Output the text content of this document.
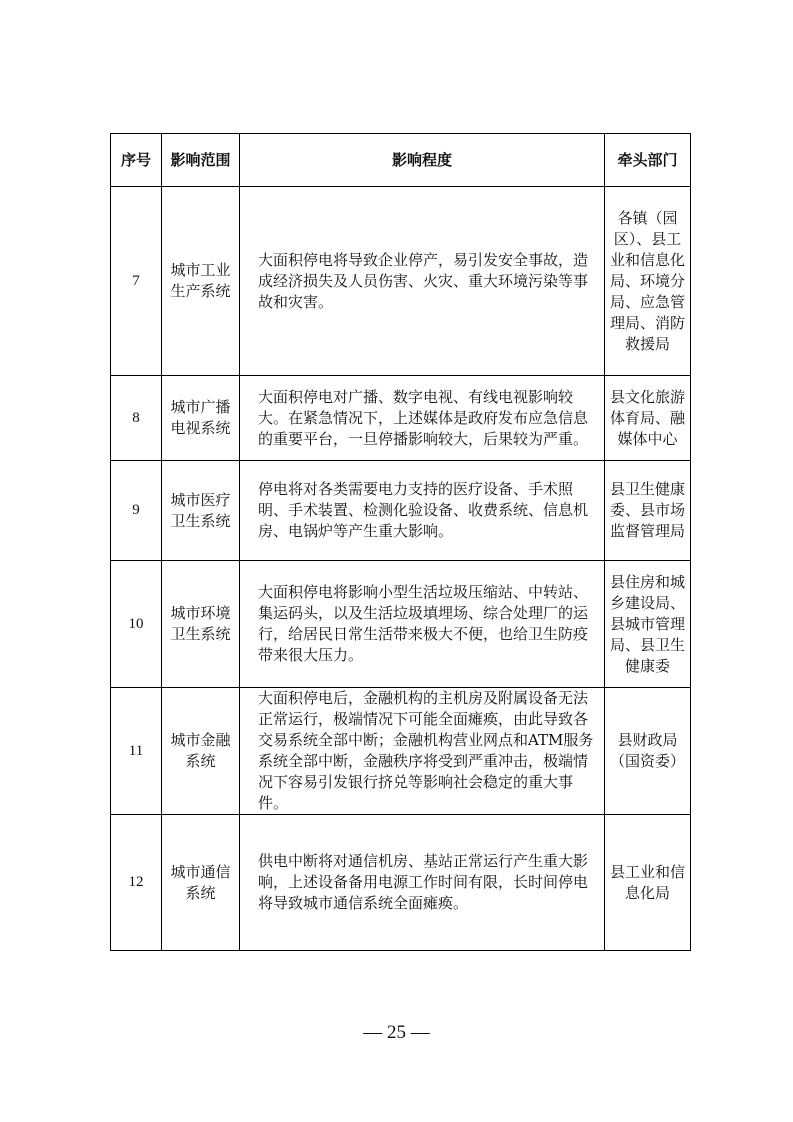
序号	影响范围	影响程度	牵头部门
7	城市工业生产系统	大面积停电将导致企业停产，易引发安全事故，造成经济损失及人员伤害、火灾、重大环境污染等事故和灾害。	各镇（园区）、县工业和信息化局、环境分局、应急管理局、消防救援局
8	城市广播电视系统	大面积停电对广播、数字电视、有线电视影响较大。在紧急情况下，上述媒体是政府发布应急信息的重要平台，一旦停播影响较大，后果较为严重。	县文化旅游体育局、融媒体中心
9	城市医疗卫生系统	停电将对各类需要电力支持的医疗设备、手术照明、手术装置、检测化验设备、收费系统、信息机房、电锅炉等产生重大影响。	县卫生健康委、县市场监督管理局
10	城市环境卫生系统	大面积停电将影响小型生活垃圾压缩站、中转站、集运码头，以及生活垃圾填埋场、综合处理厂的运行，给居民日常生活带来极大不便，也给卫生防疫带来很大压力。	县住房和城乡建设局、县城市管理局、县卫生健康委
11	城市金融系统	大面积停电后，金融机构的主机房及附属设备无法正常运行，极端情况下可能全面瘫痪，由此导致各交易系统全部中断；金融机构营业网点和ATM服务系统全部中断，金融秩序将受到严重冲击，极端情况下容易引发银行挤兑等影响社会稳定的重大事件。	县财政局（国资委）
12	城市通信系统	供电中断将对通信机房、基站正常运行产生重大影响，上述设备备用电源工作时间有限，长时间停电将导致城市通信系统全面瘫痪。	县工业和信息化局
— 25 —
